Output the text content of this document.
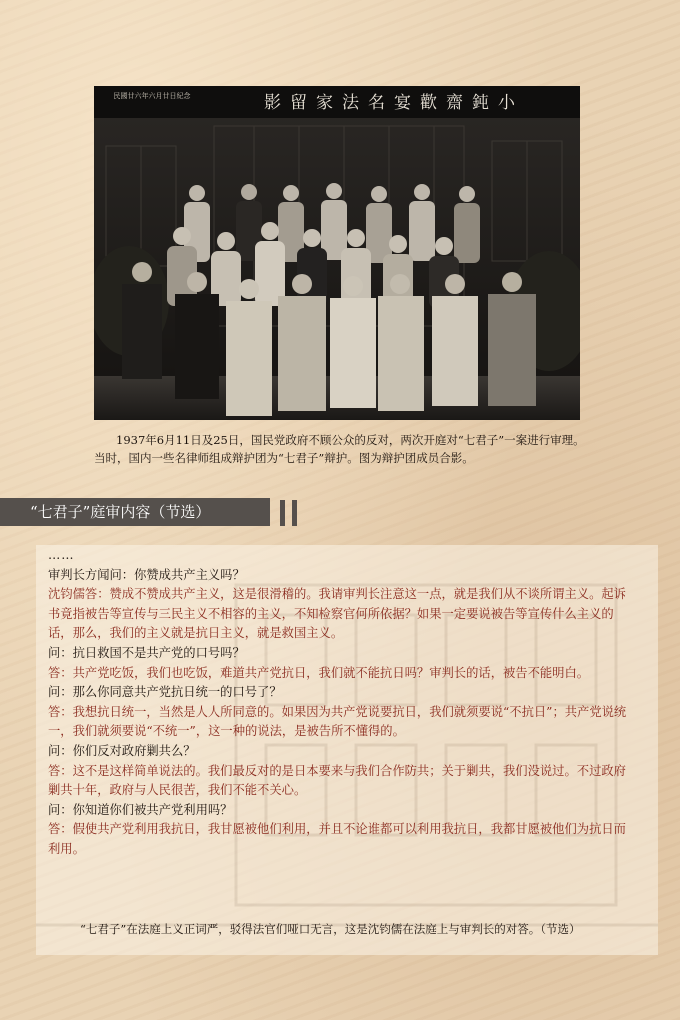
影留家法名宴歡齋鈍小
民國廿六年六月廿日紀念
1937年6月11日及25日，国民党政府不顾公众的反对，两次开庭对“七君子”一案进行审理。当时，国内一些名律师组成辩护团为“七君子”辩护。图为辩护团成员合影。
“七君子”庭审内容（节选）

……

审判长方闻问：你赞成共产主义吗？

沈钧儒答：赞成不赞成共产主义，这是很滑稽的。我请审判长注意这一点，就是我们从不谈所谓主义。起诉书竟指被告等宣传与三民主义不相容的主义，不知检察官何所依据？如果一定要说被告等宣传什么主义的话，那么，我们的主义就是抗日主义，就是救国主义。

问：抗日救国不是共产党的口号吗？

答：共产党吃饭，我们也吃饭，难道共产党抗日，我们就不能抗日吗？审判长的话，被告不能明白。

问：那么你同意共产党抗日统一的口号了？

答：我想抗日统一，当然是人人所同意的。如果因为共产党说要抗日，我们就须要说“不抗日”；共产党说统一，我们就须要说“不统一”，这一种的说法，是被告所不懂得的。

问：你们反对政府剿共么？

答：这不是这样简单说法的。我们最反对的是日本要来与我们合作防共；关于剿共，我们没说过。不过政府剿共十年，政府与人民很苦，我们不能不关心。

问：你知道你们被共产党利用吗？

答：假使共产党利用我抗日，我甘愿被他们利用，并且不论谁都可以利用我抗日，我都甘愿被他们为抗日而利用。

“七君子”在法庭上义正词严，驳得法官们哑口无言，这是沈钧儒在法庭上与审判长的对答。（节选）
